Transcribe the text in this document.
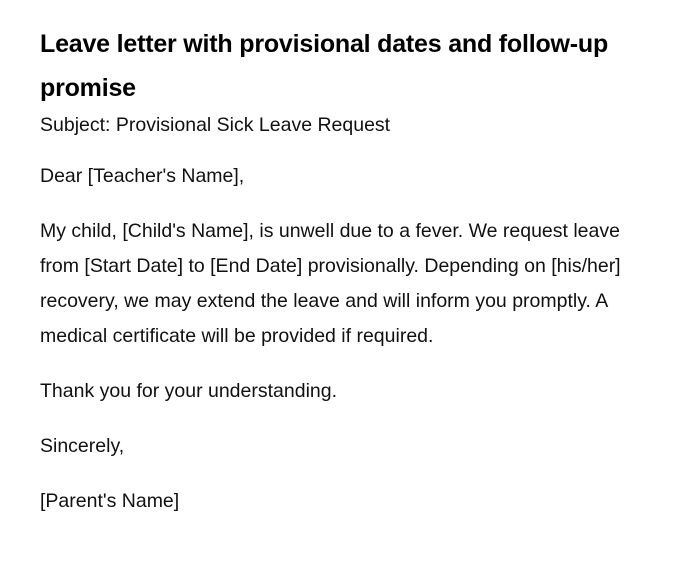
Leave letter with provisional dates and follow-up promise

Subject: Provisional Sick Leave Request

Dear [Teacher's Name],

My child, [Child's Name], is unwell due to a fever. We request leave from [Start Date] to [End Date] provisionally. Depending on [his/her] recovery, we may extend the leave and will inform you promptly. A medical certificate will be provided if required.

Thank you for your understanding.

Sincerely,

[Parent's Name]
